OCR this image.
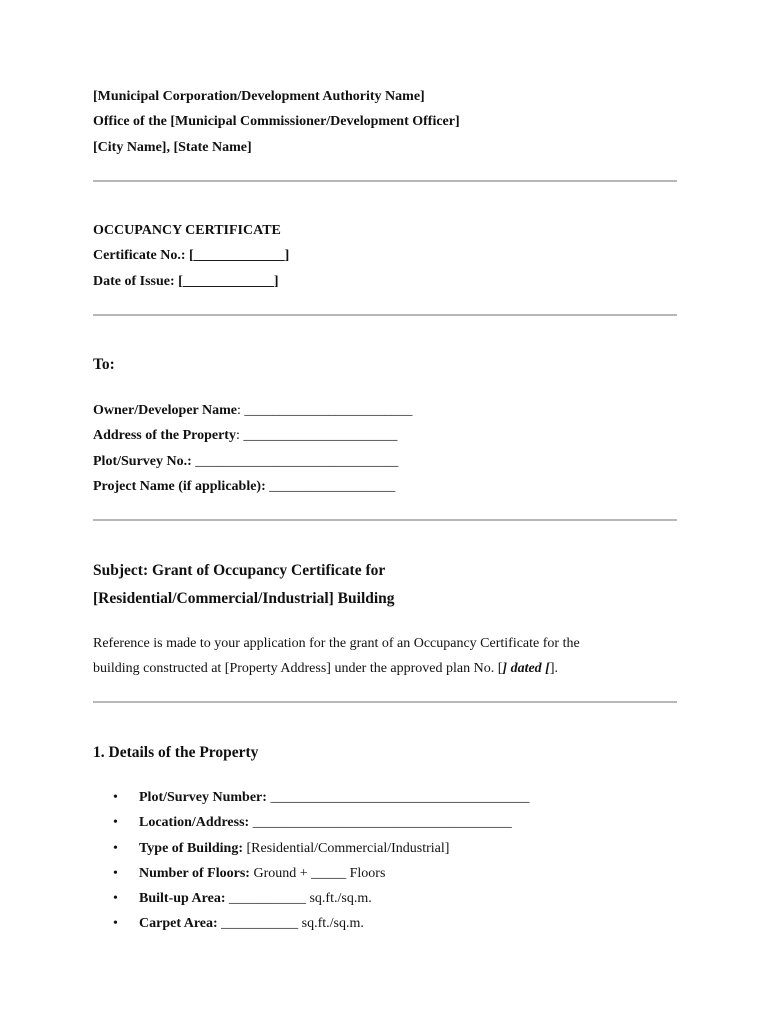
[Municipal Corporation/Development Authority Name]
Office of the [Municipal Commissioner/Development Officer]
[City Name], [State Name]
OCCUPANCY CERTIFICATE
Certificate No.: [_____________]
Date of Issue: [_____________]
To:
Owner/Developer Name: ________________________
Address of the Property: ______________________
Plot/Survey No.: _____________________________
Project Name (if applicable): __________________
Subject: Grant of Occupancy Certificate for
[Residential/Commercial/Industrial] Building
Reference is made to your application for the grant of an Occupancy Certificate for the
building constructed at [Property Address] under the approved plan No. [] dated [].
1. Details of the Property
• Plot/Survey Number: _____________________________________
• Location/Address: _____________________________________
• Type of Building: [Residential/Commercial/Industrial]
• Number of Floors: Ground + _____ Floors
• Built-up Area: ___________ sq.ft./sq.m.
• Carpet Area: ___________ sq.ft./sq.m.
